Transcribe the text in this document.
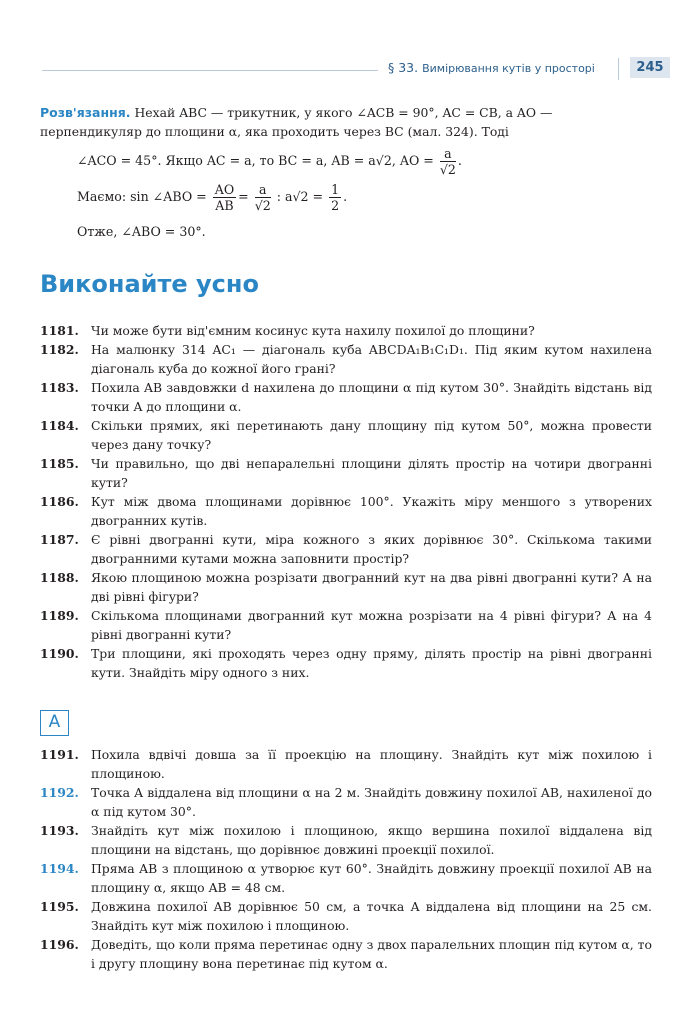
§ 33. Вимірювання кутів у просторі	245
Розв'язання. Нехай ABC — трикутник, у якого ∠ACB = 90°, AC = CB, а AO — перпендикуляр до площини α, яка проходить через BC (мал. 324). Тоді
∠ACO = 45°. Якщо AC = a, то BC = a, AB = a√2, AO = $\frac{a}{√2}$ .
Маємо: sin ∠ABO = $\frac{AO}{AB} = \frac{a}{√2}$ : $a√2 = \frac{1}{2}$ .
Отже, ∠ABO = 30°.
Виконайте усно
1181. Чи може бути від'ємним косинус кута нахилу похилої до площини?
1182. На малюнку 314 AC₁ — діагональ куба ABCDA₁B₁C₁D₁. Під яким кутом нахилена діагональ куба до кожної його грані?
1183. Похила AB завдовжки d нахилена до площини α під кутом 30°. Знайдіть відстань від точки A до площини α.
1184. Скільки прямих, які перетинають дану площину під кутом 50°, можна провести через дану точку?
1185. Чи правильно, що дві непаралельні площини ділять простір на чотири двогранні кути?
1186. Кут між двома площинами дорівнює 100°. Укажіть міру меншого з утворених двогранних кутів.
1187. Є рівні двогранні кути, міра кожного з яких дорівнює 30°. Скількома такими двогранними кутами можна заповнити простір?
1188. Якою площиною можна розрізати двогранний кут на два рівні двогранні кути? А на дві рівні фігури?
1189. Скількома площинами двогранний кут можна розрізати на 4 рівні фігури? А на 4 рівні двогранні кути?
1190. Три площини, які проходять через одну пряму, ділять простір на рівні двогранні кути. Знайдіть міру одного з них.
A
1191. Похила вдвічі довша за її проекцію на площину. Знайдіть кут між похилою і площиною.
1192. Точка A віддалена від площини α на 2 м. Знайдіть довжину похилої AB, нахиленої до α під кутом 30°.
1193. Знайдіть кут між похилою і площиною, якщо вершина похилої віддалена від площини на відстань, що дорівнює довжині проекції похилої.
1194. Пряма AB з площиною α утворює кут 60°. Знайдіть довжину проекції похилої AB на площину α, якщо AB = 48 см.
1195. Довжина похилої AB дорівнює 50 см, а точка A віддалена від площини на 25 см. Знайдіть кут між похилою і площиною.
1196. Доведіть, що коли пряма перетинає одну з двох паралельних площин під кутом α, то і другу площину вона перетинає під кутом α.
